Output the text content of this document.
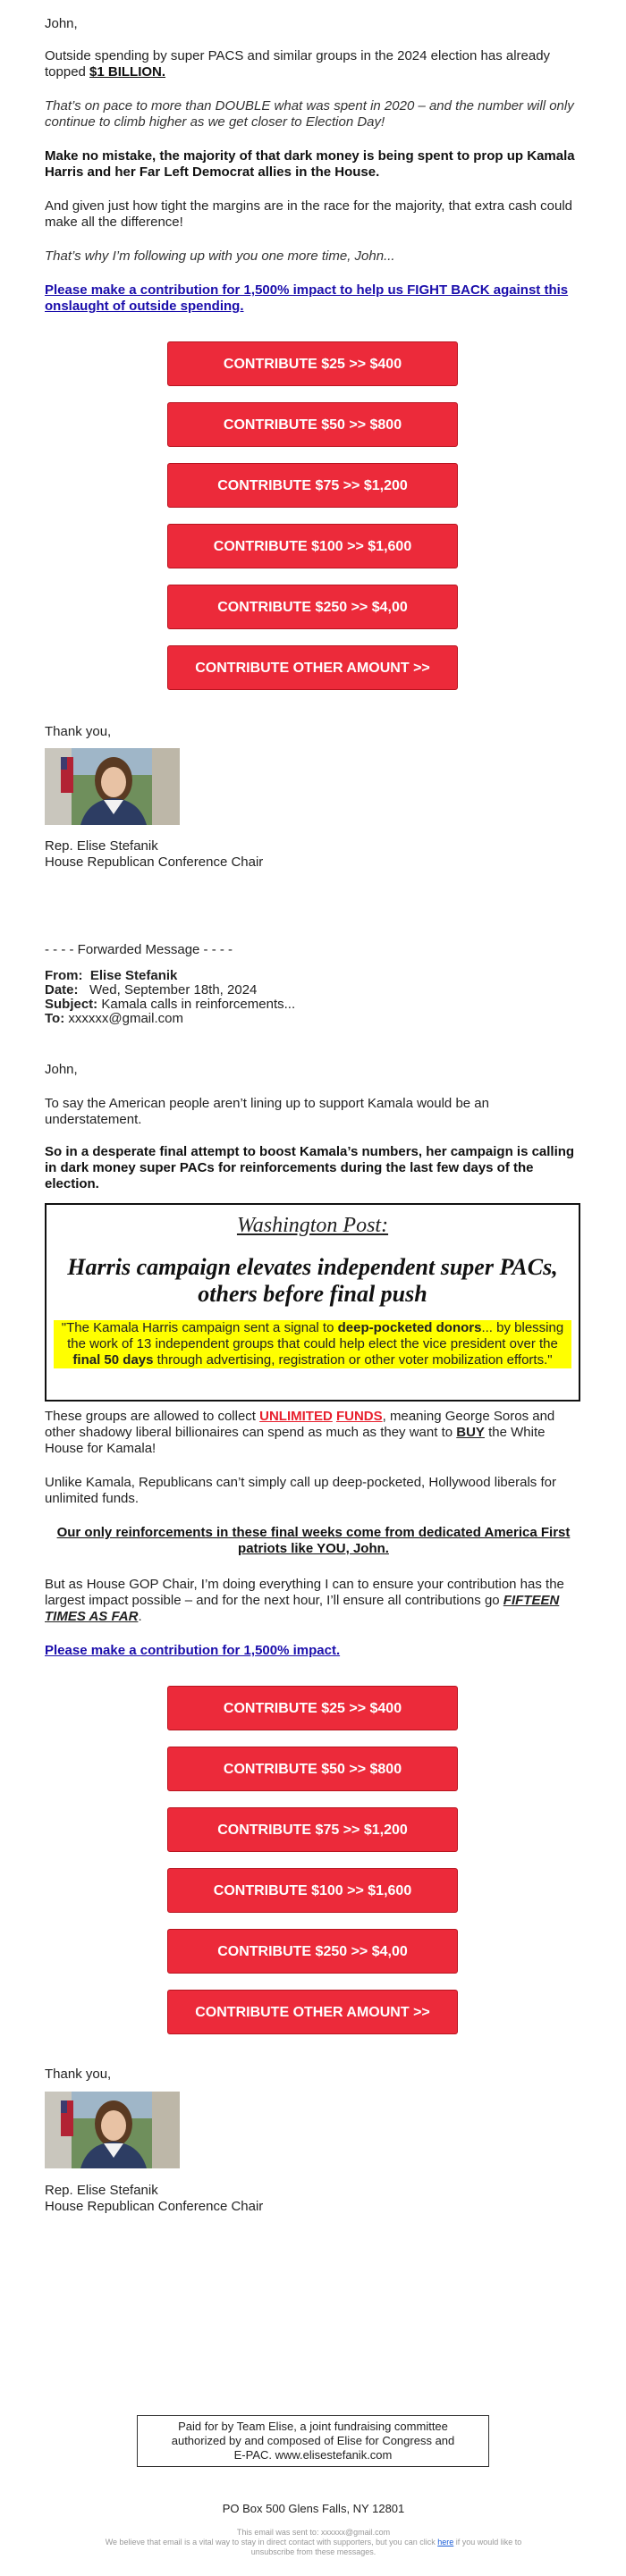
John,

Outside spending by super PACS and similar groups in the 2024 election has already topped $1 BILLION.

That’s on pace to more than DOUBLE what was spent in 2020 – and the number will only continue to climb higher as we get closer to Election Day!

Make no mistake, the majority of that dark money is being spent to prop up Kamala Harris and her Far Left Democrat allies in the House.

And given just how tight the margins are in the race for the majority, that extra cash could make all the difference!

That’s why I’m following up with you one more time, John...

Please make a contribution for 1,500% impact to help us FIGHT BACK against this onslaught of outside spending.

CONTRIBUTE $25 >> $400
CONTRIBUTE $50 >> $800
CONTRIBUTE $75 >> $1,200
CONTRIBUTE $100 >> $1,600
CONTRIBUTE $250 >> $4,00
CONTRIBUTE OTHER AMOUNT >>

Thank you,

Rep. Elise Stefanik

House Republican Conference Chair

- - - - Forwarded Message - - - -

From: Elise Stefanik
Date: Wed, September 18th, 2024
Subject: Kamala calls in reinforcements...
To: xxxxxx@gmail.com

John,

To say the American people aren’t lining up to support Kamala would be an understatement.

So in a desperate final attempt to boost Kamala’s numbers, her campaign is calling in dark money super PACs for reinforcements during the last few days of the election.

Washington Post:
Harris campaign elevates independent super PACs, others before final push
"The Kamala Harris campaign sent a signal to deep-pocketed donors... by blessing the work of 13 independent groups that could help elect the vice president over the final 50 days through advertising, registration or other voter mobilization efforts."

These groups are allowed to collect UNLIMITED FUNDS, meaning George Soros and other shadowy liberal billionaires can spend as much as they want to BUY the White House for Kamala!

Unlike Kamala, Republicans can’t simply call up deep-pocketed, Hollywood liberals for unlimited funds.

Our only reinforcements in these final weeks come from dedicated America First patriots like YOU, John.

But as House GOP Chair, I’m doing everything I can to ensure your contribution has the largest impact possible – and for the next hour, I’ll ensure all contributions go FIFTEEN TIMES AS FAR.

Please make a contribution for 1,500% impact.

CONTRIBUTE $25 >> $400
CONTRIBUTE $50 >> $800
CONTRIBUTE $75 >> $1,200
CONTRIBUTE $100 >> $1,600
CONTRIBUTE $250 >> $4,00
CONTRIBUTE OTHER AMOUNT >>

Thank you,

Rep. Elise Stefanik

House Republican Conference Chair

Paid for by Team Elise, a joint fundraising committee authorized by and composed of Elise for Congress and E-PAC. www.elisestefanik.com

PO Box 500 Glens Falls, NY 12801

This email was sent to: xxxxxx@gmail.com

We believe that email is a vital way to stay in direct contact with supporters, but you can click here if you would like to unsubscribe from these messages.
